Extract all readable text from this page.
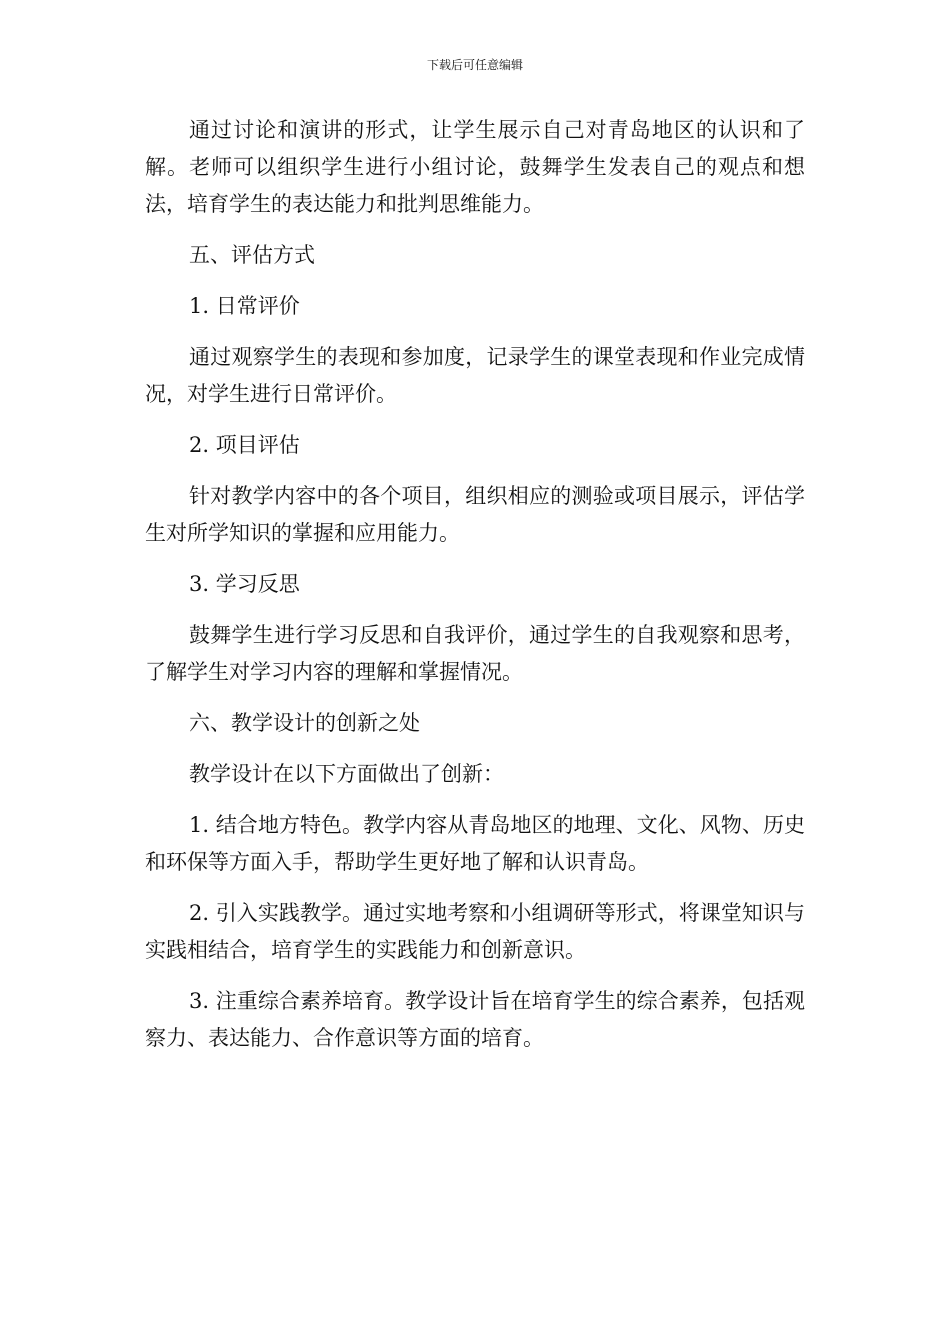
下载后可任意编辑

通过讨论和演讲的形式，让学生展示自己对青岛地区的认识和了解。老师可以组织学生进行小组讨论，鼓舞学生发表自己的观点和想法，培育学生的表达能力和批判思维能力。

五、评估方式

1. 日常评价

通过观察学生的表现和参加度，记录学生的课堂表现和作业完成情况，对学生进行日常评价。

2. 项目评估

针对教学内容中的各个项目，组织相应的测验或项目展示，评估学生对所学知识的掌握和应用能力。

3. 学习反思

鼓舞学生进行学习反思和自我评价，通过学生的自我观察和思考，了解学生对学习内容的理解和掌握情况。

六、教学设计的创新之处

教学设计在以下方面做出了创新：

1. 结合地方特色。教学内容从青岛地区的地理、文化、风物、历史和环保等方面入手，帮助学生更好地了解和认识青岛。

2. 引入实践教学。通过实地考察和小组调研等形式，将课堂知识与实践相结合，培育学生的实践能力和创新意识。

3. 注重综合素养培育。教学设计旨在培育学生的综合素养，包括观察力、表达能力、合作意识等方面的培育。
